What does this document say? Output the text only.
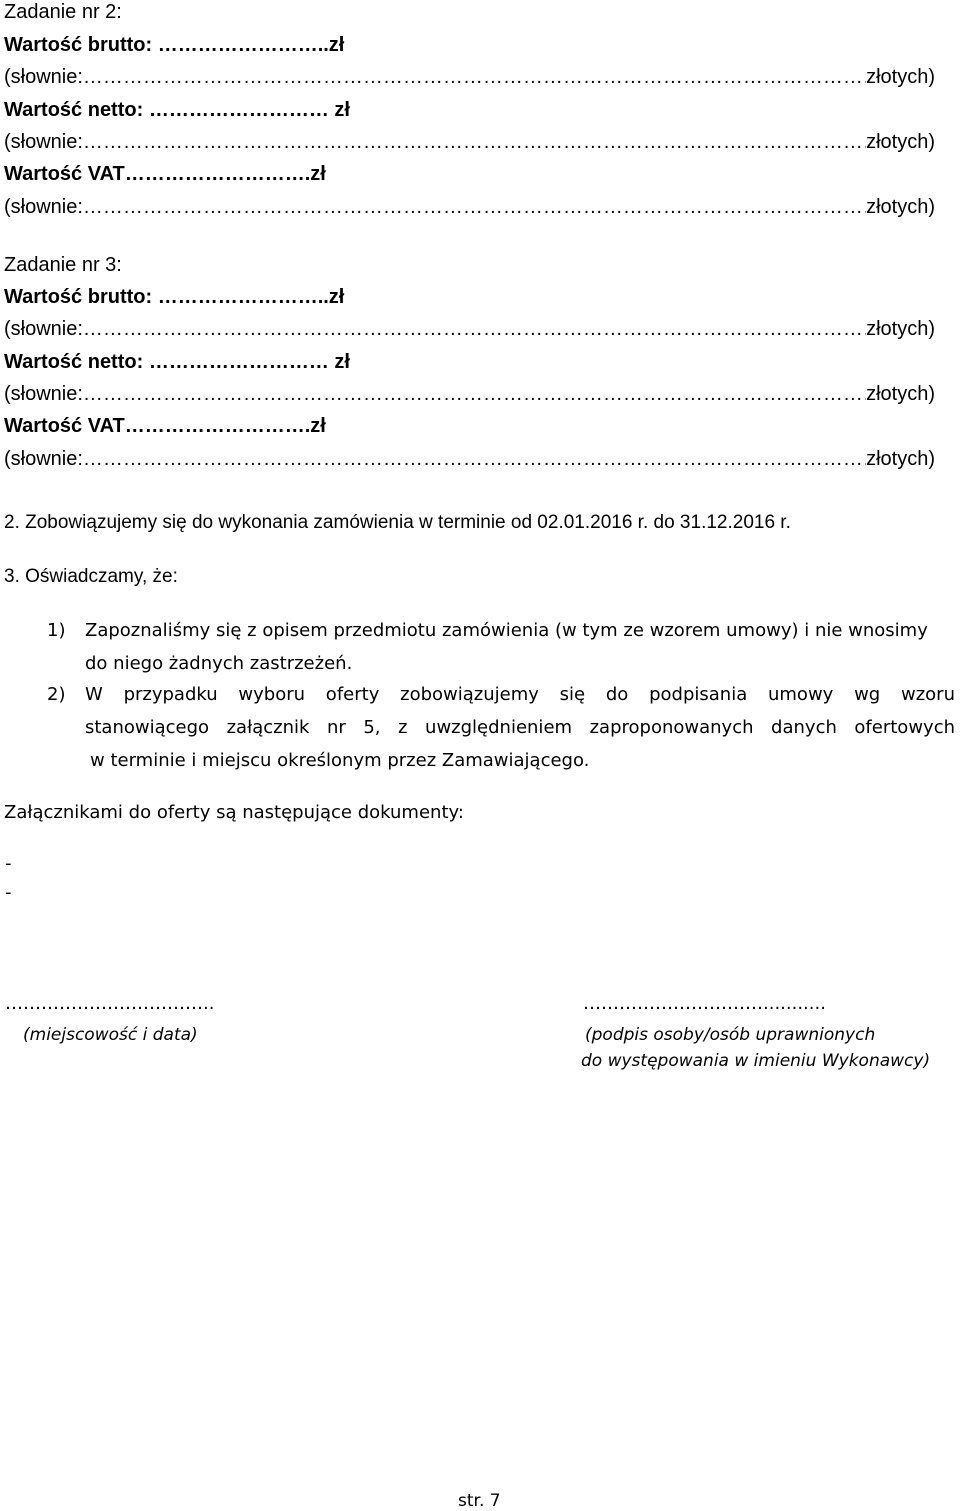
Zadanie nr 2:
Wartość brutto: ……………………..zł
(słownie: ……………………………………………………………………………………………………………………………………………………………………………………………………………………	złotych)
Wartość netto: ……………………… zł
(słownie: ……………………………………………………………………………………………………………………………………………………………………………………………………………………	złotych)
Wartość VAT……………………….zł
(słownie: ……………………………………………………………………………………………………………………………………………………………………………………………………………………	złotych)
Zadanie nr 3:
Wartość brutto: ……………………..zł
(słownie: ……………………………………………………………………………………………………………………………………………………………………………………………………………………	złotych)
Wartość netto: ……………………… zł
(słownie: ……………………………………………………………………………………………………………………………………………………………………………………………………………………	złotych)
Wartość VAT……………………….zł
(słownie: ……………………………………………………………………………………………………………………………………………………………………………………………………………………	złotych)
2. Zobowiązujemy się do wykonania zamówienia w terminie od 02.01.2016 r. do 31.12.2016 r.
3. Oświadczamy, że:
1) Zapoznaliśmy się z opisem przedmiotu zamówienia (w tym ze wzorem umowy) i nie wnosimy
do niego żadnych zastrzeżeń.
2) W przypadku wyboru oferty zobowiązujemy się do podpisania umowy wg wzoru
stanowiącego załącznik nr 5, z uwzględnieniem zaproponowanych danych ofertowych
w terminie i miejscu określonym przez Zamawiającego.
Załącznikami do oferty są następujące dokumenty:
-
-
……………………………..
(miejscowość i data)
…………………………...........
(podpis osoby/osób uprawnionych
do występowania w imieniu Wykonawcy)
str. 7
